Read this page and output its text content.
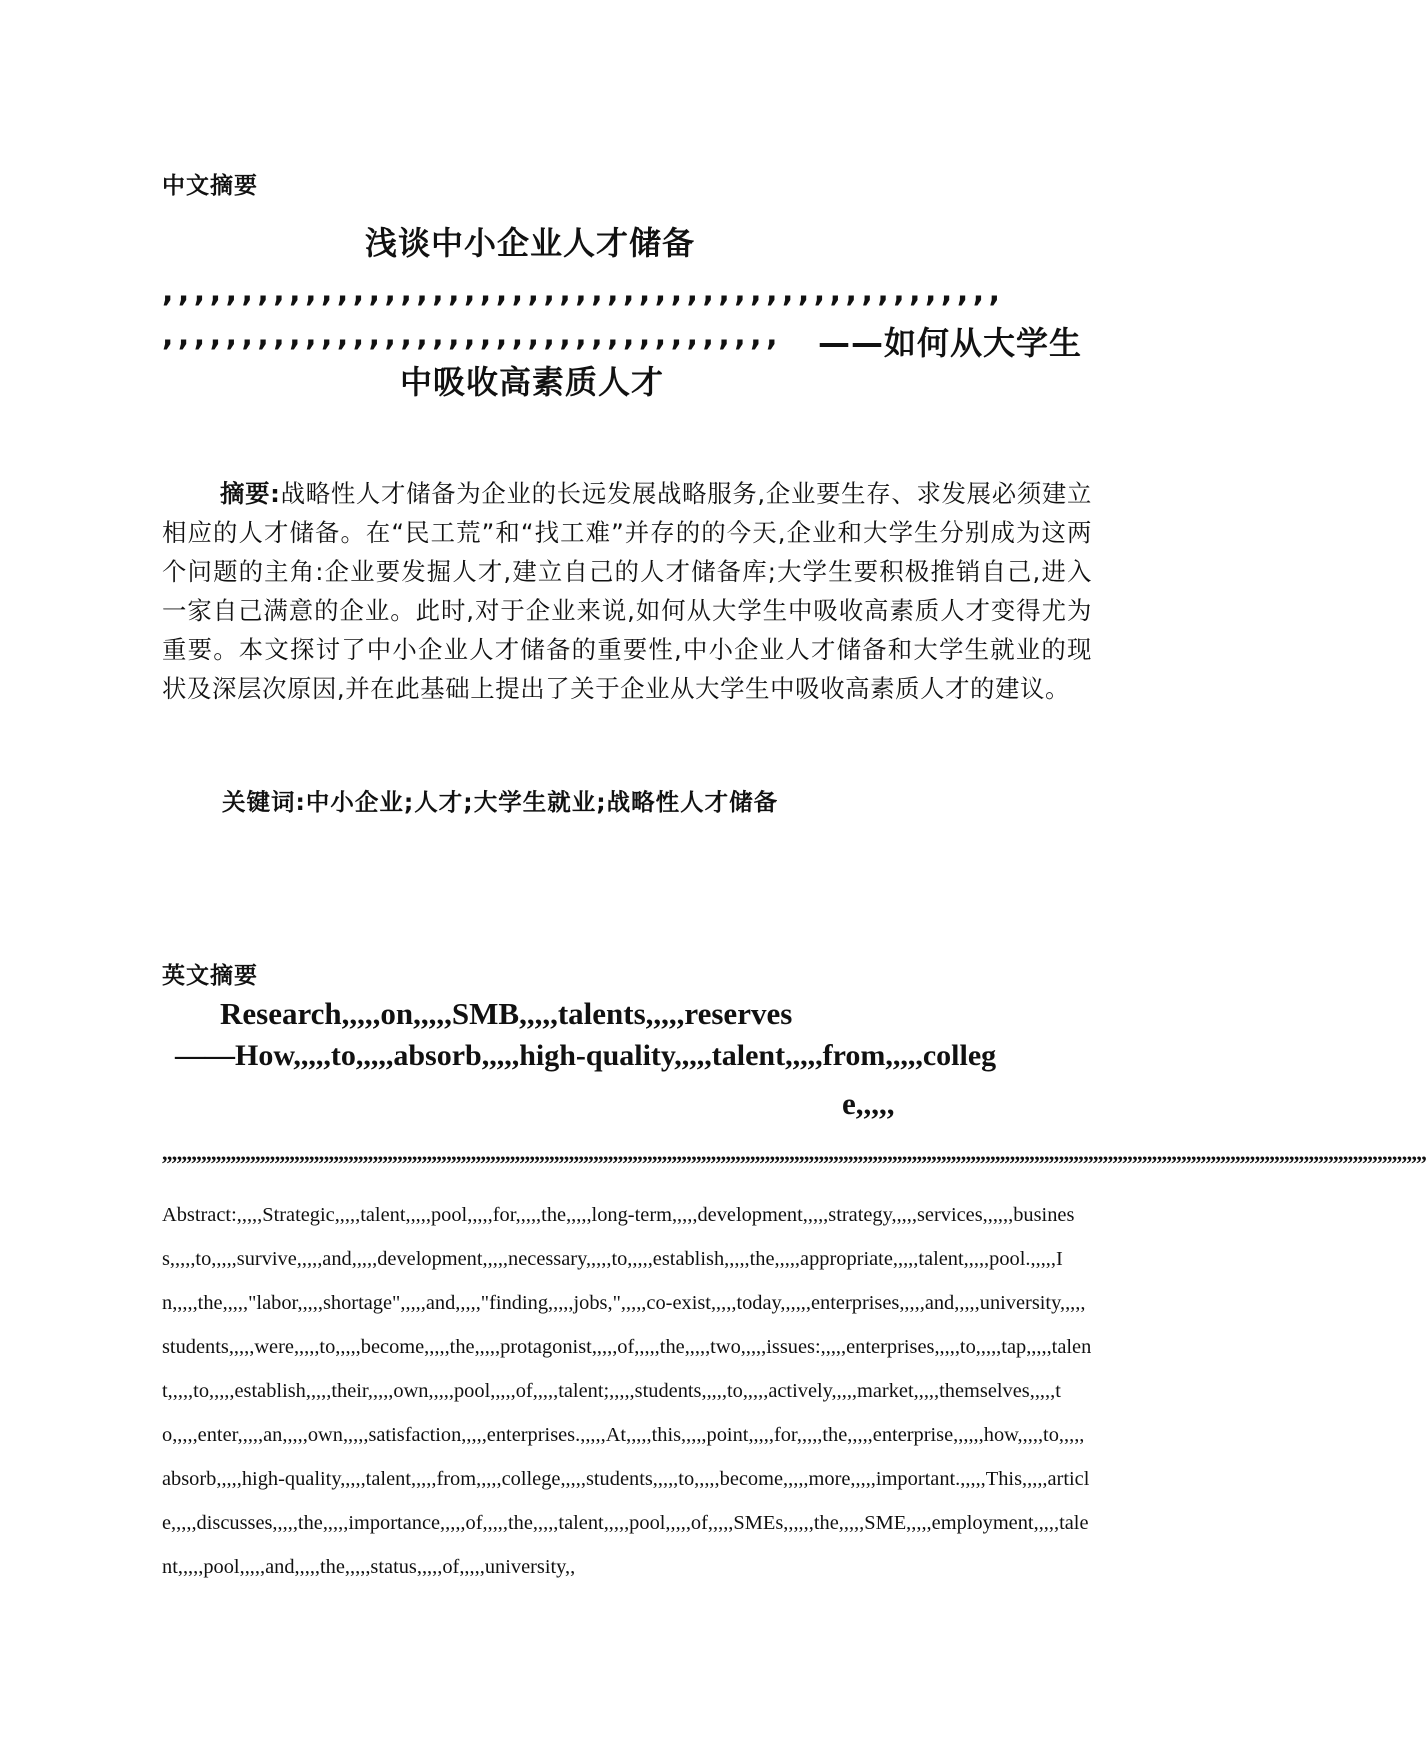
中文摘要
浅谈中小企业人才储备
,,,,,,,,,,,,,,,,,,,,,,,,,,,,,,,,,,,,,,,,,,,,,,,,,,,,,
,,,,,,,,,,,,,,,,,,,,,,,,,,,,,,,,,,,,,,, ——如何从大学生
中吸收高素质人才
摘要:战略性人才储备为企业的长远发展战略服务,企业要生存、求发展必须建立相应的人才储备。在“民工荒”和“找工难”并存的的今天,企业和大学生分别成为这两个问题的主角:企业要发掘人才,建立自己的人才储备库;大学生要积极推销自己,进入一家自己满意的企业。此时,对于企业来说,如何从大学生中吸收高素质人才变得尤为重要。本文探讨了中小企业人才储备的重要性,中小企业人才储备和大学生就业的现状及深层次原因,并在此基础上提出了关于企业从大学生中吸收高素质人才的建议。
关键词:中小企业;人才;大学生就业;战略性人才储备
英文摘要
Research,,,,,on,,,,,SMB,,,,,talents,,,,,reserves
——How,,,,,to,,,,,absorb,,,,,high-quality,,,,,talent,,,,,from,,,,,colleg
e,,,,,
,,,,,,,,,,,,,,,,,,,,,,,,,,,,,,,,,,,,,,,,,,,,,,,,,,,,,,,,,,,,,,,,,,,,,,,,,,,,,,,,,,,,,,,,,,,,,,,,,,,,,,,,,,,,,,,,,,,,,,,,,,,,,,,,,,,,,,,,,,,,,,,,,,,,,,,,,,,,,,,,,,,,,,,,,,,,,,,,,,,,,,,,,,,,,,,,,,,,,,,,,,,,,,,,,,,,,,,,,,,,,,,,,,,,,,,,,,,,,,,,,,,,,,,,,,,,,,,,,,
Abstract:,,,,,Strategic,,,,,talent,,,,,pool,,,,,for,,,,,the,,,,,long-term,,,,,development,,,,,strategy,,,,,services,,,,,,business,,,,,to,,,,,survive,,,,,and,,,,,development,,,,,necessary,,,,,to,,,,,establish,,,,,the,,,,,appropriate,,,,,talent,,,,,pool.,,,,,In,,,,,the,,,,,"labor,,,,,shortage",,,,,and,,,,,"finding,,,,,jobs,",,,,,co-exist,,,,,today,,,,,,enterprises,,,,,and,,,,,university,,,,,students,,,,,were,,,,,to,,,,,become,,,,,the,,,,,protagonist,,,,,of,,,,,the,,,,,two,,,,,issues:,,,,,enterprises,,,,,to,,,,,tap,,,,,talent,,,,,to,,,,,establish,,,,,their,,,,,own,,,,,pool,,,,,of,,,,,talent;,,,,,students,,,,,to,,,,,actively,,,,,market,,,,,themselves,,,,,to,,,,,enter,,,,,an,,,,,own,,,,,satisfaction,,,,,enterprises.,,,,,At,,,,,this,,,,,point,,,,,for,,,,,the,,,,,enterprise,,,,,,how,,,,,to,,,,,absorb,,,,,high-quality,,,,,talent,,,,,from,,,,,college,,,,,students,,,,,to,,,,,become,,,,,more,,,,,important.,,,,,This,,,,,article,,,,,discusses,,,,,the,,,,,importance,,,,,of,,,,,the,,,,,talent,,,,,pool,,,,,of,,,,,SMEs,,,,,,the,,,,,SME,,,,,employment,,,,,talent,,,,,pool,,,,,and,,,,,the,,,,,status,,,,,of,,,,,university,,
